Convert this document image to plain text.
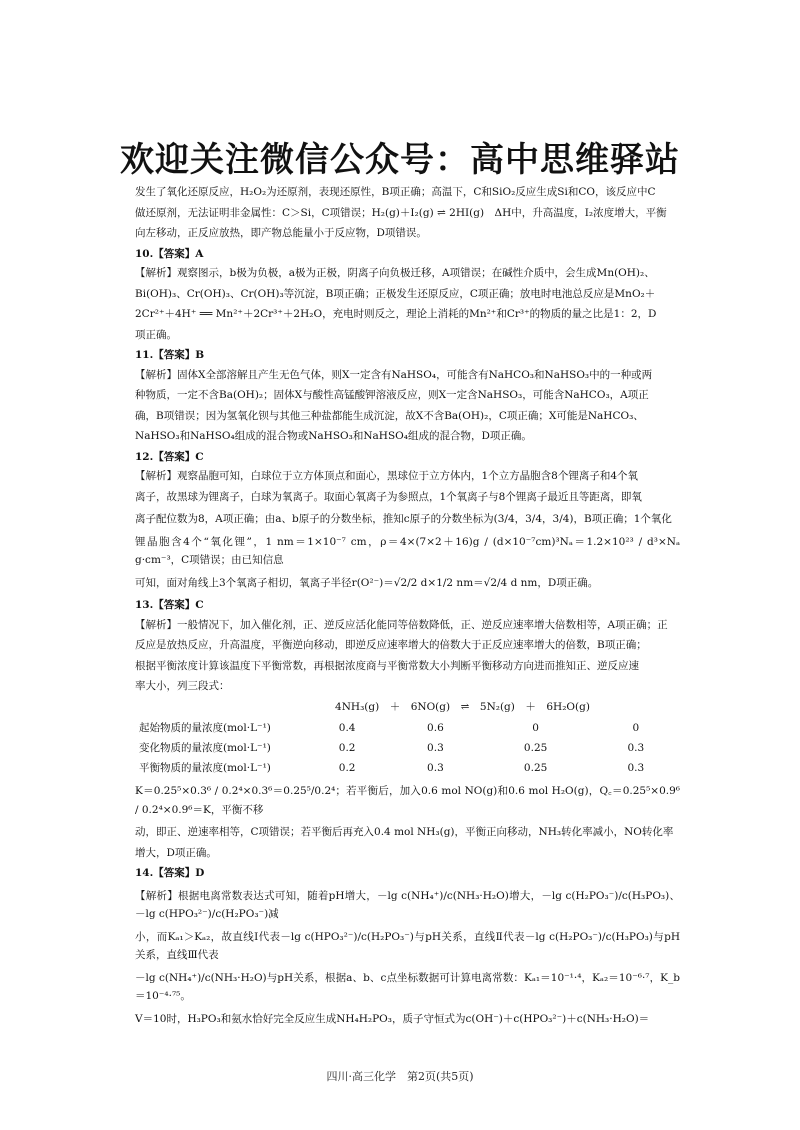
欢迎关注微信公众号：高中思维驿站
发生了氧化还原反应，H₂O₂为还原剂，表现还原性，B项正确；高温下，C和SiO₂反应生成Si和CO，该反应中C
做还原剂，无法证明非金属性：C＞Si，C项错误；H₂(g)＋I₂(g) ⇌ 2HI(g)　ΔH中，升高温度，I₂浓度增大，平衡
向左移动，正反应放热，即产物总能量小于反应物，D项错误。
10.【答案】A
【解析】观察图示，b极为负极，a极为正极，阴离子向负极迁移，A项错误；在碱性介质中，会生成Mn(OH)₂、
Bi(OH)₃、Cr(OH)₃、Cr(OH)₃等沉淀，B项正确；正极发生还原反应，C项正确；放电时电池总反应是MnO₂＋
2Cr²⁺＋4H⁺ ══ Mn²⁺＋2Cr³⁺＋2H₂O，充电时则反之，理论上消耗的Mn²⁺和Cr³⁺的物质的量之比是1：2，D
项正确。
11.【答案】B
【解析】固体X全部溶解且产生无色气体，则X一定含有NaHSO₄，可能含有NaHCO₃和NaHSO₃中的一种或两
种物质，一定不含Ba(OH)₂；固体X与酸性高锰酸钾溶液反应，则X一定含NaHSO₃，可能含NaHCO₃，A项正
确，B项错误；因为氢氧化钡与其他三种盐都能生成沉淀，故X不含Ba(OH)₂，C项正确；X可能是NaHCO₃、
NaHSO₃和NaHSO₄组成的混合物或NaHSO₃和NaHSO₄组成的混合物，D项正确。
12.【答案】C
【解析】观察晶胞可知，白球位于立方体顶点和面心，黑球位于立方体内，1个立方晶胞含8个锂离子和4个氧
离子，故黑球为锂离子，白球为氧离子。取面心氧离子为参照点，1个氧离子与8个锂离子最近且等距离，即氧
离子配位数为8，A项正确；由a、b原子的分数坐标，推知c原子的分数坐标为(3/4，3/4，3/4)，B项正确；1个氧化
锂晶胞含4个“氧化锂”，1 nm＝1×10⁻⁷ cm，ρ＝4×(7×2＋16)g / (d×10⁻⁷cm)³Nₐ＝1.2×10²³ / d³×Nₐ g·cm⁻³，C项错误；由已知信息
可知，面对角线上3个氧离子相切，氧离子半径r(O²⁻)＝√2/2 d×1/2 nm＝√2/4 d nm，D项正确。
13.【答案】C
【解析】一般情况下，加入催化剂，正、逆反应活化能同等倍数降低，正、逆反应速率增大倍数相等，A项正确；正
反应是放热反应，升高温度，平衡逆向移动，即逆反应速率增大的倍数大于正反应速率增大的倍数，B项正确；
根据平衡浓度计算该温度下平衡常数，再根据浓度商与平衡常数大小判断平衡移动方向进而推知正、逆反应速
率大小，列三段式：
4NH₃(g)　＋　6NO(g)　⇌　5N₂(g)　＋　6H₂O(g)
起始物质的量浓度(mol·L⁻¹)	0.4	0.6	0	0
变化物质的量浓度(mol·L⁻¹)	0.2	0.3	0.25	0.3
平衡物质的量浓度(mol·L⁻¹)	0.2	0.3	0.25	0.3
K＝0.25⁵×0.3⁶ / 0.2⁴×0.3⁶＝0.25⁵/0.2⁴；若平衡后，加入0.6 mol NO(g)和0.6 mol H₂O(g)，Q꜀＝0.25⁵×0.9⁶ / 0.2⁴×0.9⁶＝K，平衡不移
动，即正、逆速率相等，C项错误；若平衡后再充入0.4 mol NH₃(g)，平衡正向移动，NH₃转化率减小，NO转化率
增大，D项正确。
14.【答案】D
【解析】根据电离常数表达式可知，随着pH增大，－lg c(NH₄⁺)/c(NH₃·H₂O)增大，－lg c(H₂PO₃⁻)/c(H₃PO₃)、－lg c(HPO₃²⁻)/c(H₂PO₃⁻)减
小，而Kₐ₁＞Kₐ₂，故直线Ⅰ代表－lg c(HPO₃²⁻)/c(H₂PO₃⁻)与pH关系，直线Ⅱ代表－lg c(H₂PO₃⁻)/c(H₃PO₃)与pH关系，直线Ⅲ代表
－lg c(NH₄⁺)/c(NH₃·H₂O)与pH关系，根据a、b、c点坐标数据可计算电离常数：Kₐ₁＝10⁻¹·⁴，Kₐ₂＝10⁻⁶·⁷，K_b＝10⁻⁴·⁷⁵。
V＝10时，H₃PO₃和氨水恰好完全反应生成NH₄H₂PO₃，质子守恒式为c(OH⁻)＋c(HPO₃²⁻)＋c(NH₃·H₂O)＝
四川·高三化学　第2页(共5页)
